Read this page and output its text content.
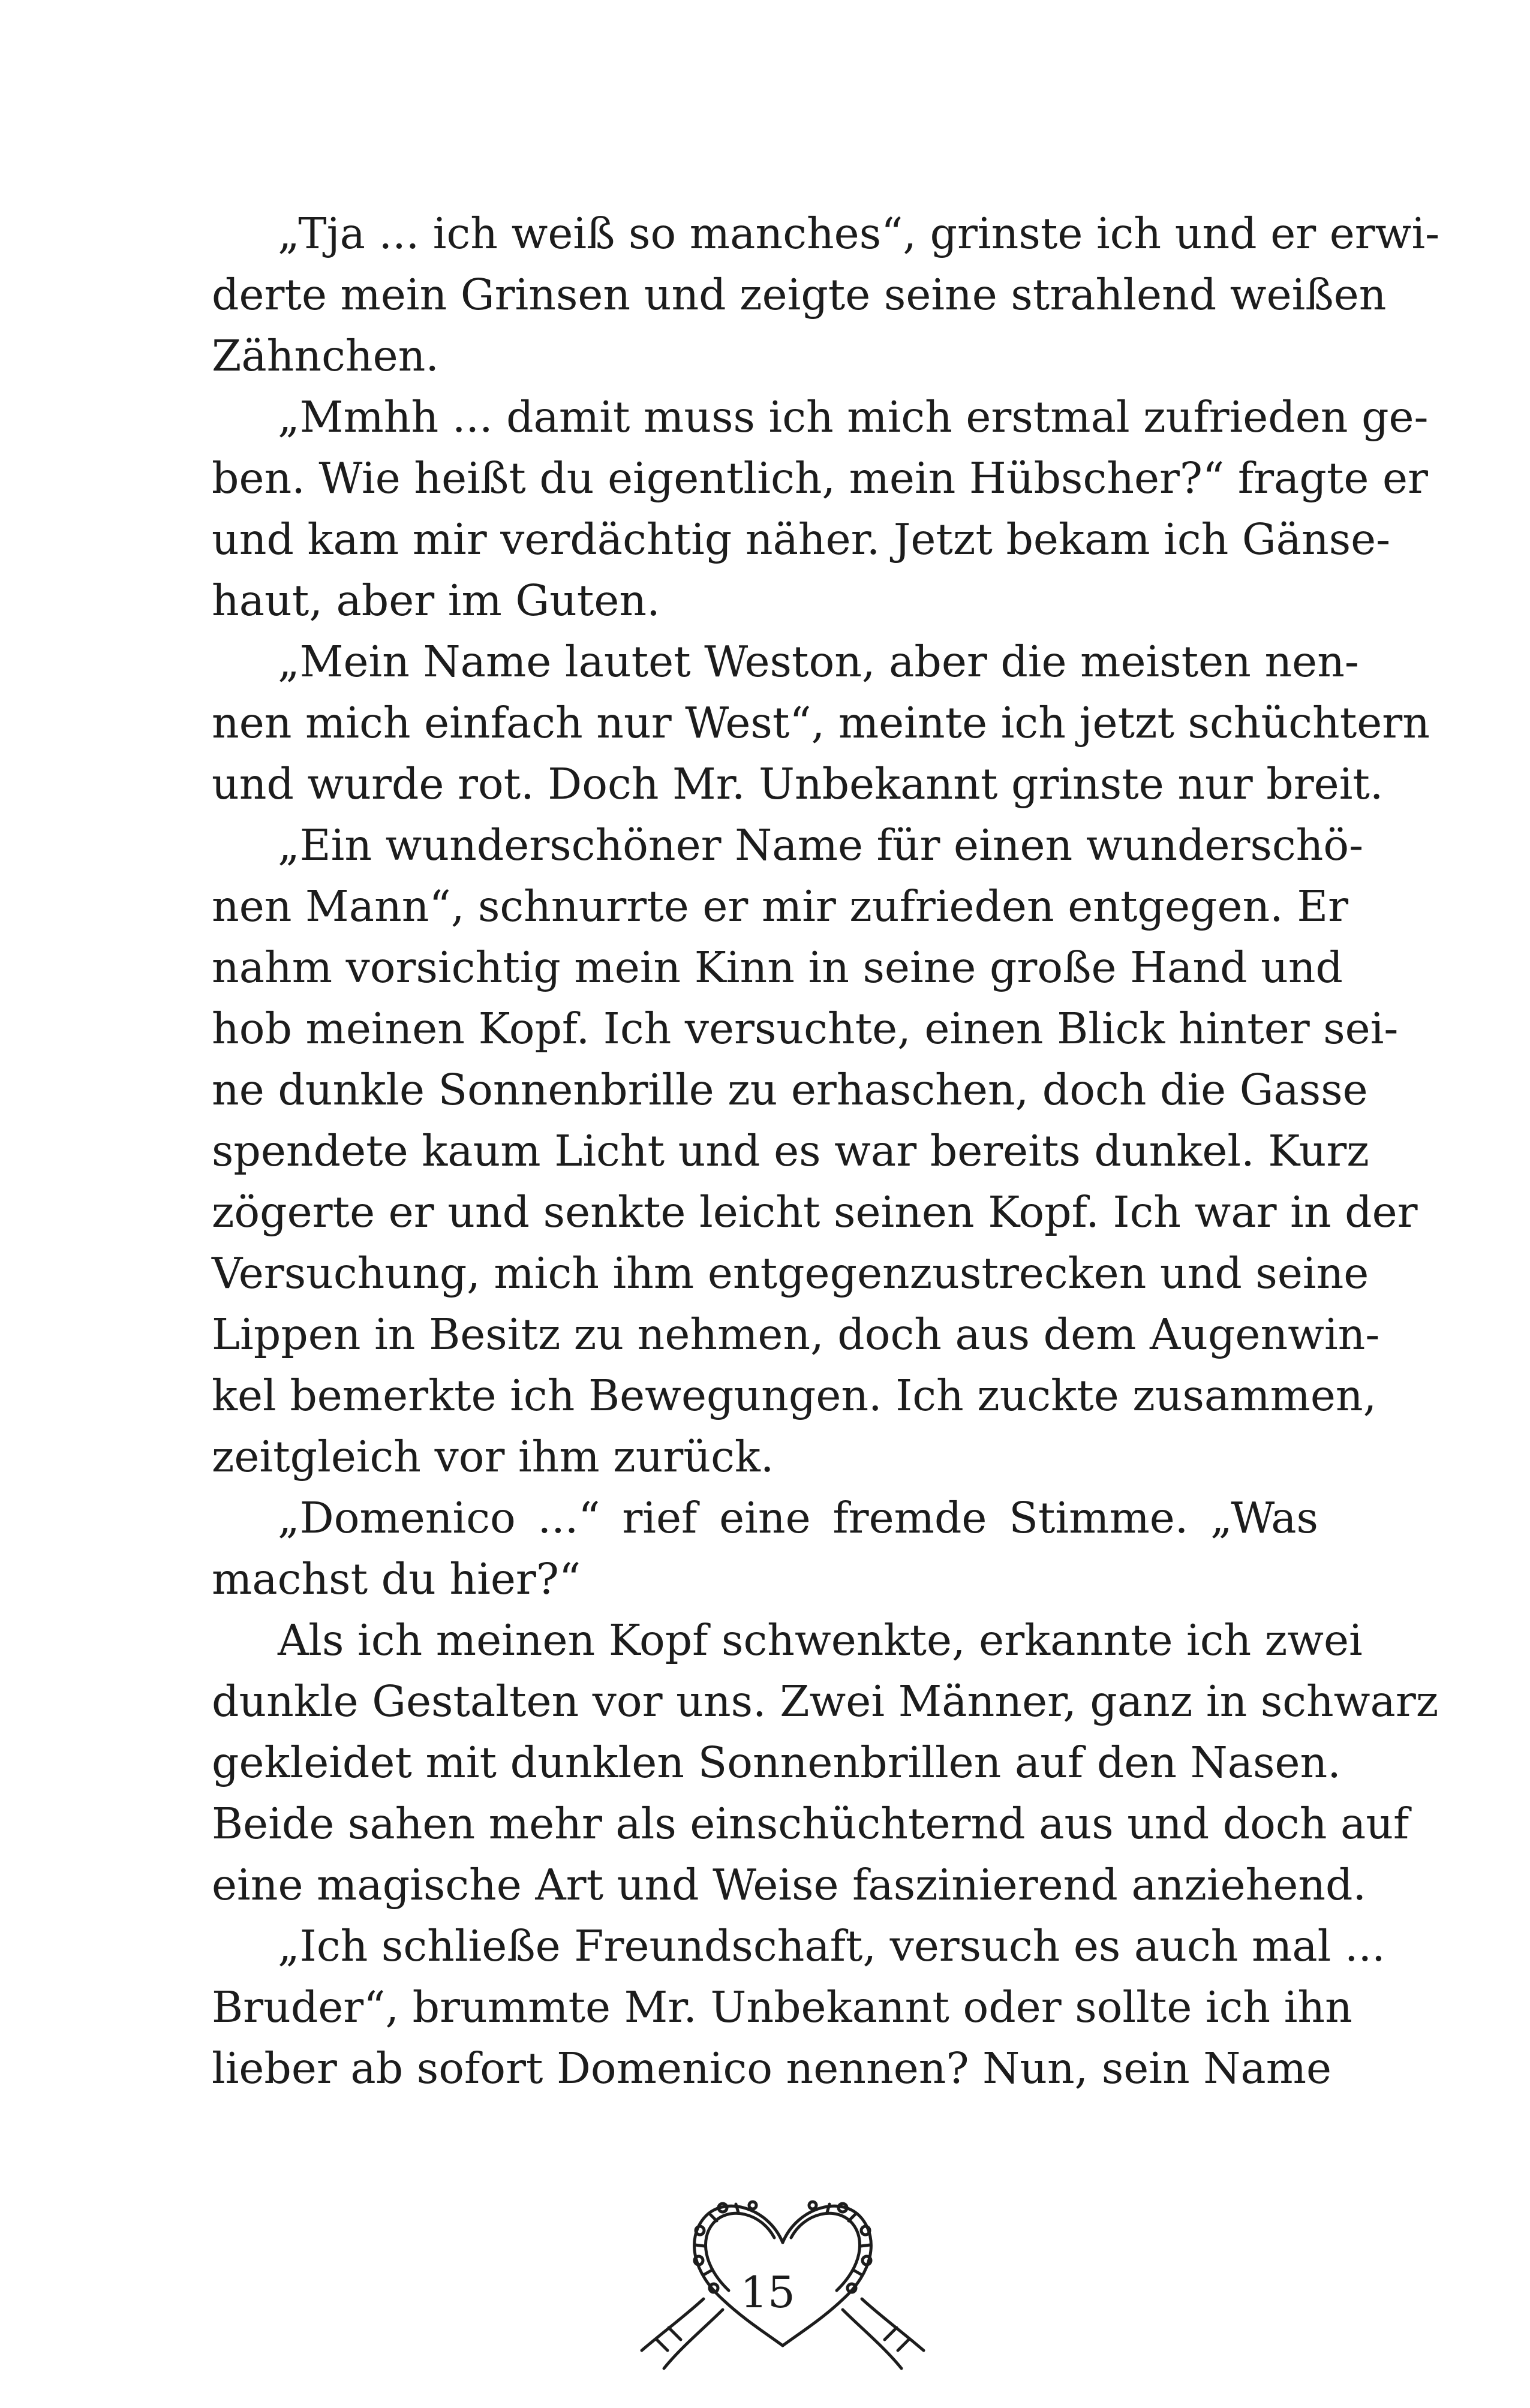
„Tja ... ich weiß so manches“, grinste ich und er erwi-
derte mein Grinsen und zeigte seine strahlend weißen
Zähnchen.
„Mmhh ... damit muss ich mich erstmal zufrieden ge-
ben. Wie heißt du eigentlich, mein Hübscher?“ fragte er
und kam mir verdächtig näher. Jetzt bekam ich Gänse-
haut, aber im Guten.
„Mein Name lautet Weston, aber die meisten nen-
nen mich einfach nur West“, meinte ich jetzt schüchtern
und wurde rot. Doch Mr. Unbekannt grinste nur breit.
„Ein wunderschöner Name für einen wunderschö-
nen Mann“, schnurrte er mir zufrieden entgegen. Er
nahm vorsichtig mein Kinn in seine große Hand und
hob meinen Kopf. Ich versuchte, einen Blick hinter sei-
ne dunkle Sonnenbrille zu erhaschen, doch die Gasse
spendete kaum Licht und es war bereits dunkel. Kurz
zögerte er und senkte leicht seinen Kopf. Ich war in der
Versuchung, mich ihm entgegenzustrecken und seine
Lippen in Besitz zu nehmen, doch aus dem Augenwin-
kel bemerkte ich Bewegungen. Ich zuckte zusammen,
zeitgleich vor ihm zurück.
„Domenico ...“ rief eine fremde Stimme. „Was
machst du hier?“
Als ich meinen Kopf schwenkte, erkannte ich zwei
dunkle Gestalten vor uns. Zwei Männer, ganz in schwarz
gekleidet mit dunklen Sonnenbrillen auf den Nasen.
Beide sahen mehr als einschüchternd aus und doch auf
eine magische Art und Weise faszinierend anziehend.
„Ich schließe Freundschaft, versuch es auch mal ...
Bruder“, brummte Mr. Unbekannt oder sollte ich ihn
lieber ab sofort Domenico nennen? Nun, sein Name
15
